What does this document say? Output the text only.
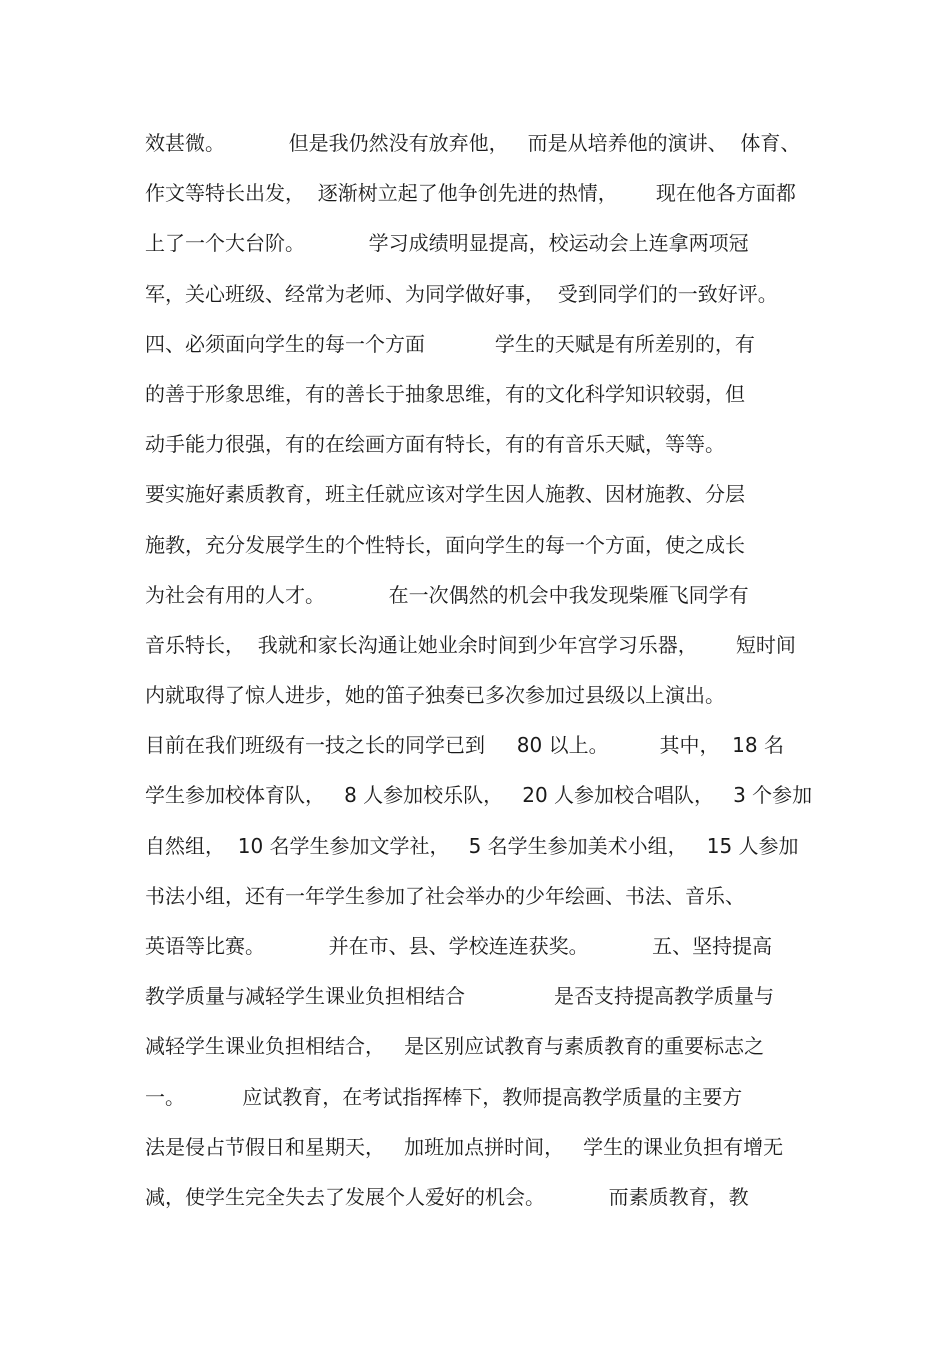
效甚微。          但是我仍然没有放弃他，   而是从培养他的演讲、  体育、
作文等特长出发，  逐渐树立起了他争创先进的热情，      现在他各方面都
上了一个大台阶。          学习成绩明显提高，校运动会上连拿两项冠
军，关心班级、经常为老师、为同学做好事，  受到同学们的一致好评。
四、必须面向学生的每一个方面           学生的天赋是有所差别的，有
的善于形象思维，有的善长于抽象思维，有的文化科学知识较弱，但
动手能力很强，有的在绘画方面有特长，有的有音乐天赋，等等。
要实施好素质教育，班主任就应该对学生因人施教、因材施教、分层
施教，充分发展学生的个性特长，面向学生的每一个方面，使之成长
为社会有用的人才。          在一次偶然的机会中我发现柴雁飞同学有
音乐特长，  我就和家长沟通让她业余时间到少年宫学习乐器，      短时间
内就取得了惊人进步，她的笛子独奏已多次参加过县级以上演出。
目前在我们班级有一技之长的同学已到     80 以上。        其中，  18 名
学生参加校体育队，   8 人参加校乐队，   20 人参加校合唱队，   3 个参加
自然组，  10 名学生参加文学社，   5 名学生参加美术小组，   15 人参加
书法小组，还有一年学生参加了社会举办的少年绘画、书法、音乐、
英语等比赛。          并在市、县、学校连连获奖。          五、坚持提高
教学质量与减轻学生课业负担相结合              是否支持提高教学质量与
减轻学生课业负担相结合，   是区别应试教育与素质教育的重要标志之
一。         应试教育，在考试指挥棒下，教师提高教学质量的主要方
法是侵占节假日和星期天，   加班加点拼时间，   学生的课业负担有增无
减，使学生完全失去了发展个人爱好的机会。          而素质教育，教
